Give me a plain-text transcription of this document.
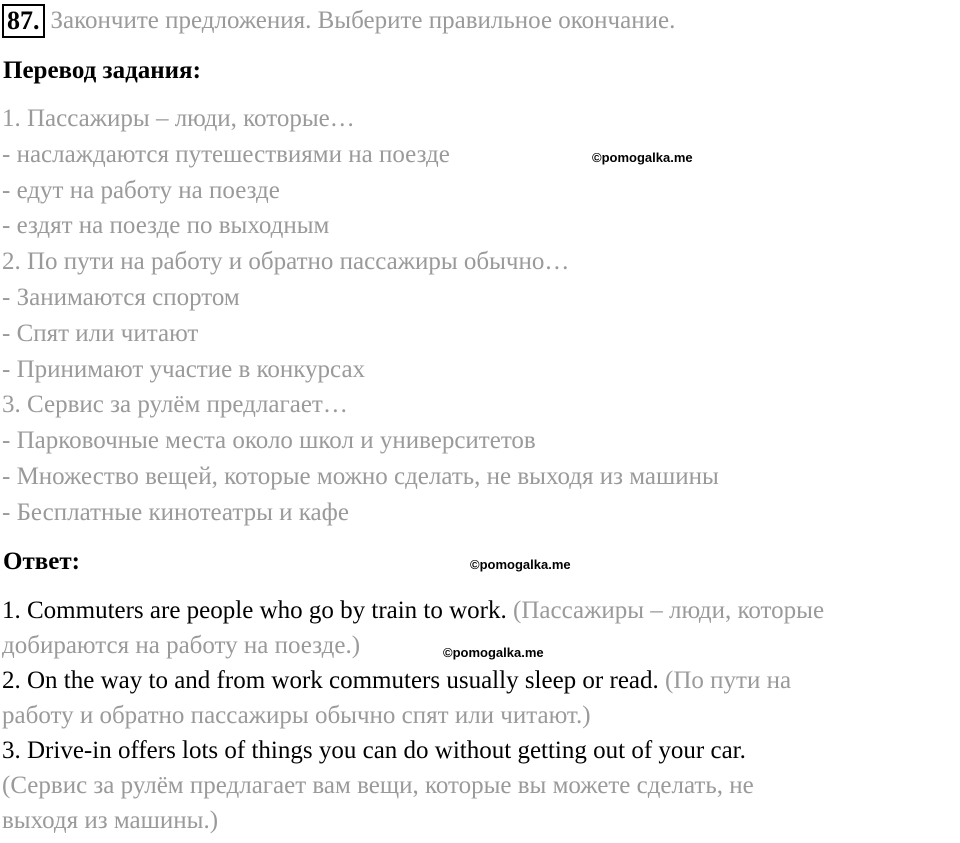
87. Закончите предложения. Выберите правильное окончание.
Перевод задания:
1. Пассажиры – люди, которые…
- наслаждаются путешествиями на поезде
- едут на работу на поезде
- ездят на поезде по выходным
2. По пути на работу и обратно пассажиры обычно…
- Занимаются спортом
- Спят или читают
- Принимают участие в конкурсах
3. Сервис за рулём предлагает…
- Парковочные места около школ и университетов
- Множество вещей, которые можно сделать, не выходя из машины
- Бесплатные кинотеатры и кафе
©pomogalka.me
Ответ:	©pomogalka.me
1. Commuters are people who go by train to work. (Пассажиры – люди, которые
добираются на работу на поезде.)
2. On the way to and from work commuters usually sleep or read. (По пути на
работу и обратно пассажиры обычно спят или читают.)
3. Drive-in offers lots of things you can do without getting out of your car.
(Сервис за рулём предлагает вам вещи, которые вы можете сделать, не
выходя из машины.)
©pomogalka.me
